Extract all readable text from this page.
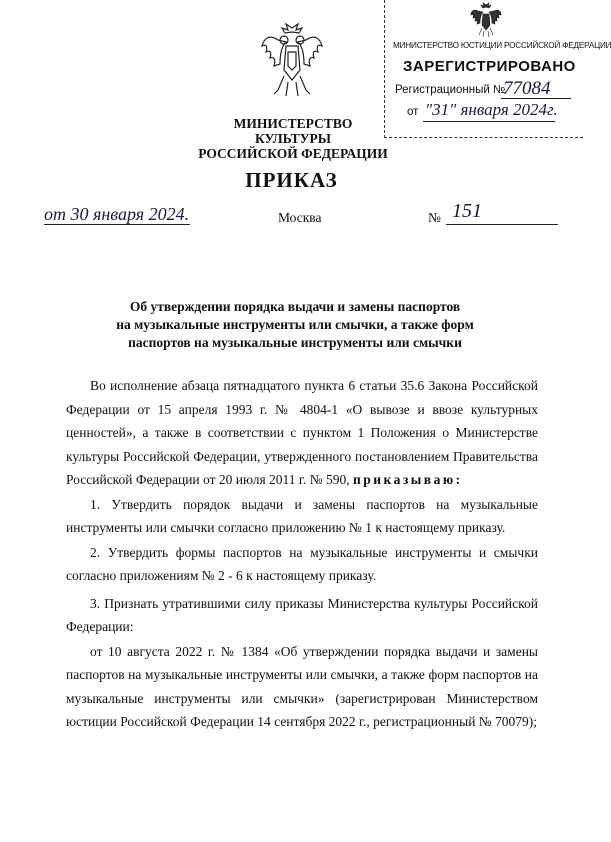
МИНИСТЕРСТВО КУЛЬТУРЫ
РОССИЙСКОЙ ФЕДЕРАЦИИ
МИНИСТЕРСТВО ЮСТИЦИИ РОССИЙСКОЙ ФЕДЕРАЦИИ
ЗАРЕГИСТРИРОВАНО
Регистрационный №
77084
от "31" января 2024г.
ПРИКАЗ
от 30 января 2024.	Москва	№ 151
Об утверждении порядка выдачи и замены паспортов
на музыкальные инструменты или смычки, а также форм
паспортов на музыкальные инструменты или смычки

Во исполнение абзаца пятнадцатого пункта 6 статьи 35.6 Закона Российской Федерации от 15 апреля 1993 г. № 4804-1 «О вывозе и ввозе культурных ценностей», а также в соответствии с пунктом 1 Положения о Министерстве культуры Российской Федерации, утвержденного постановлением Правительства Российской Федерации от 20 июля 2011 г. № 590, приказываю:

1. Утвердить порядок выдачи и замены паспортов на музыкальные инструменты или смычки согласно приложению № 1 к настоящему приказу.

2. Утвердить формы паспортов на музыкальные инструменты и смычки согласно приложениям № 2 - 6 к настоящему приказу.

3. Признать утратившими силу приказы Министерства культуры Российской Федерации:

от 10 августа 2022 г. № 1384 «Об утверждении порядка выдачи и замены паспортов на музыкальные инструменты или смычки, а также форм паспортов на музыкальные инструменты или смычки» (зарегистрирован Министерством юстиции Российской Федерации 14 сентября 2022 г., регистрационный № 70079);
